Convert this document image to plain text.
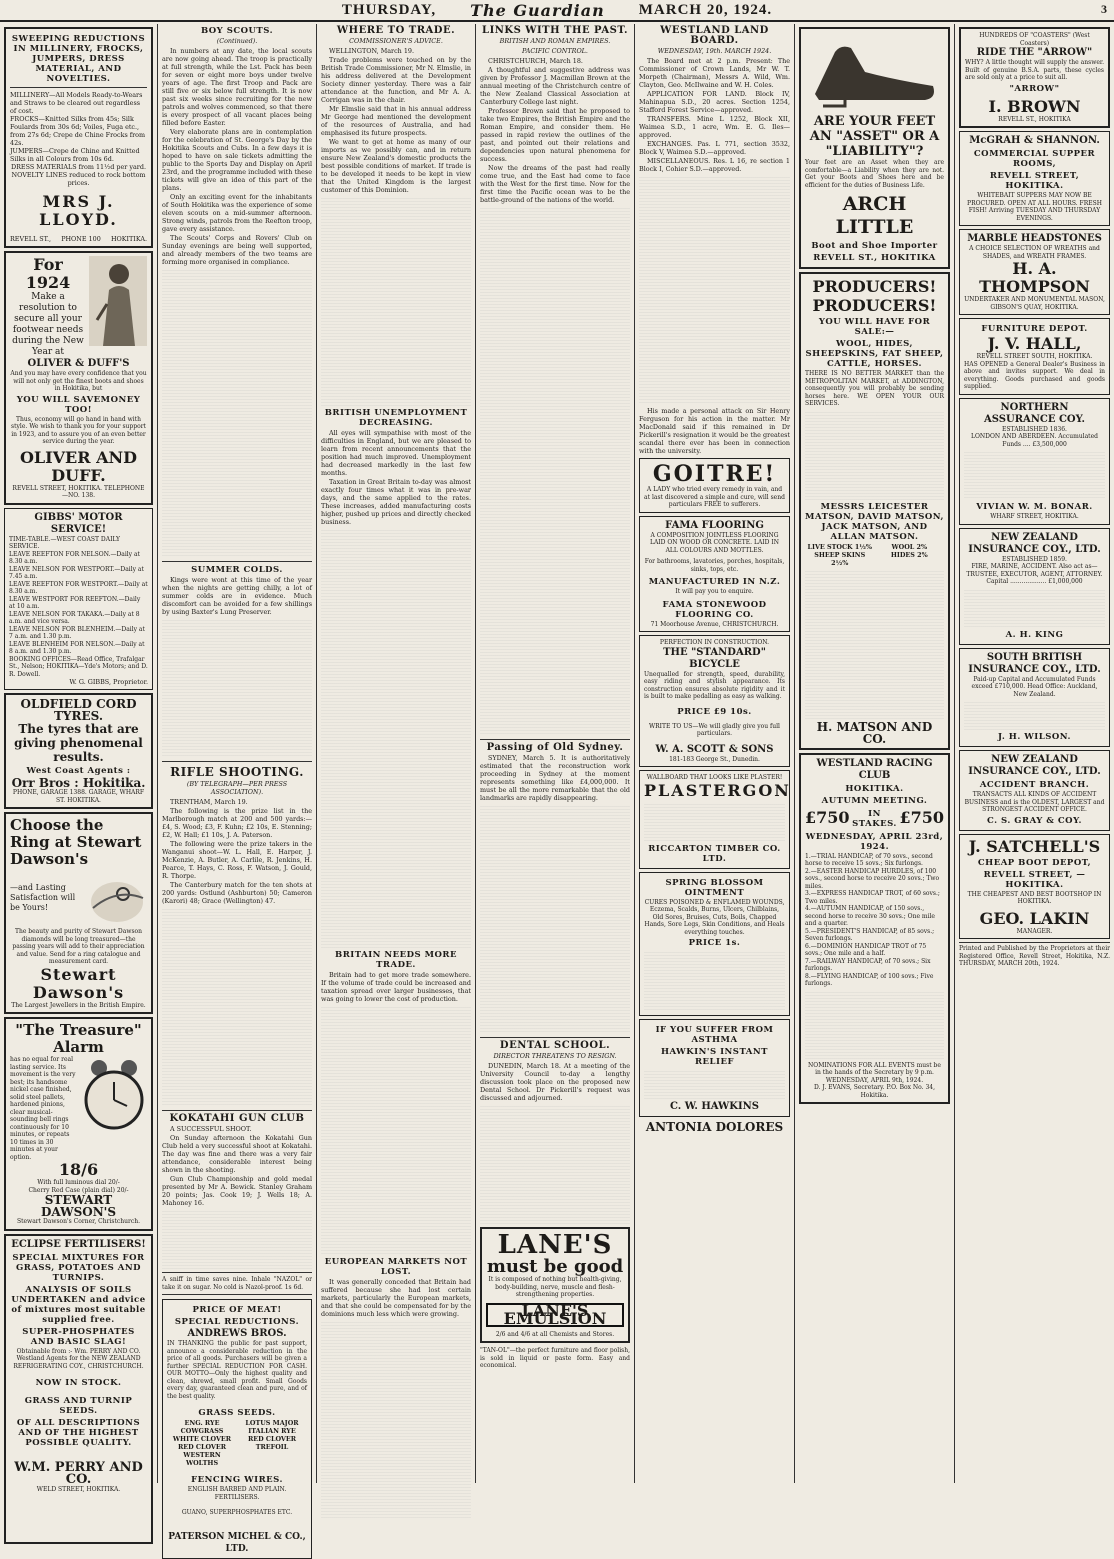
THURSDAY, The Guardian MARCH 20, 1924.	3
SWEEPING REDUCTIONS IN MILLINERY, FROCKS, JUMPERS, DRESS MATERIAL, AND NOVELTIES.
MILLINERY—All Models Ready-to-Wears and Straws to be cleared out regardless of cost.
FROCKS—Knitted Silks from 45s; Silk Foulards from 30s 6d; Voiles, Fuga etc., from 27s 6d; Crepe de Chine Frocks from 42s.
JUMPERS—Crepe de Chine and Knitted Silks in all Colours from 10s 6d.
DRESS MATERIALS from 11½d per yard.
NOVELTY LINES reduced to rock bottom prices.
MRS J. LLOYD.
REVELL ST., PHONE 100 HOKITIKA.
For 1924
Make a resolution to secure all your footwear needs during the New Year at
OLIVER & DUFF'S
And you may have every confidence that you will not only get the finest boots and shoes in Hokitika, but
YOU WILL SAVEMONEY TOO!
Thus, economy will go hand in hand with style. We wish to thank you for your support in 1923, and to assure you of an even better service during the year.
OLIVER AND DUFF.
REVELL STREET, HOKITIKA. TELEPHONE—NO. 138.
GIBBS' MOTOR SERVICE!
TIME-TABLE.—WEST COAST DAILY SERVICE.
LEAVE REEFTON FOR NELSON.—Daily at 8.30 a.m.
LEAVE NELSON FOR WESTPORT.—Daily at 7.45 a.m.
LEAVE REEFTON FOR WESTPORT.—Daily at 8.30 a.m.
LEAVE WESTPORT FOR REEFTON.—Daily at 10 a.m.
LEAVE NELSON FOR TAKAKA.—Daily at 8 a.m. and vice versa.
LEAVE NELSON FOR BLENHEIM.—Daily at 7 a.m. and 1.30 p.m.
LEAVE BLENHEIM FOR NELSON.—Daily at 8 a.m. and 1.30 p.m.
BOOKING OFFICES—Read Office, Trafalgar St., Nelson; HOKITIKA—Yde's Motors; and D. R. Dowell.
W. G. GIBBS, Proprietor.
OLDFIELD CORD TYRES.
The tyres that are giving phenomenal results.
West Coast Agents :
Orr Bros : Hokitika.
PHONE, GARAGE 1388. GARAGE, WHARF ST. HOKITIKA.
Choose the Ring at Stewart Dawson's
—and Lasting Satisfaction will be Yours!
The beauty and purity of Stewart Dawson diamonds will be long treasured—the passing years will add to their appreciation and value. Send for a ring catalogue and measurement card.
Stewart Dawson's
The Largest Jewellers in the British Empire.
"The Treasure" Alarm
has no equal for real lasting service. Its movement is the very best; its handsome nickel case finished, solid steel pallets, hardened pinions, clear musical-sounding bell rings continuously for 10 minutes, or repeats 10 times in 30 minutes at your option.
18/6
With full luminous dial 20/-
Cherry Red Case (plain dial) 20/-
STEWART DAWSON'S
Stewart Dawson's Corner, Christchurch.
ECLIPSE FERTILISERS!
SPECIAL MIXTURES FOR GRASS, POTATOES AND TURNIPS.
ANALYSIS OF SOILS UNDERTAKEN and advice of mixtures most suitable supplied free.
SUPER-PHOSPHATES AND BASIC SLAG!
Obtainable from :- Wm. PERRY AND CO. Westland Agents for the NEW ZEALAND REFRIGERATING COY., CHRISTCHURCH.
NOW IN STOCK.
GRASS AND TURNIP SEEDS.
OF ALL DESCRIPTIONS AND OF THE HIGHEST POSSIBLE QUALITY.
W.M. PERRY AND CO.
WELD STREET, HOKITIKA.
BOY SCOUTS.
(Continued).

In numbers at any date, the local scouts are now going ahead. The troop is practically at full strength, while the Lst. Pack has been for seven or eight more boys under twelve years of age. The first Troop and Pack are still five or six below full strength. It is now past six weeks since recruiting for the new patrols and wolves commenced, so that there is every prospect of all vacant places being filled before Easter.

Very elaborate plans are in contemplation for the celebration of St. George's Day by the Hokitika Scouts and Cubs. In a few days it is hoped to have on sale tickets admitting the public to the Sports Day and Display on April 23rd, and the programme included with these tickets will give an idea of this part of the plans.

Only an exciting event for the inhabitants of South Hokitika was the experience of some eleven scouts on a mid-summer afternoon. Strong winds, patrols from the Reefton troop, gave every assistance.

The Scouts' Corps and Rovers' Club on Sunday evenings are being well supported, and already members of the two teams are forming more organised in compliance.

SUMMER COLDS.

Kings were wont at this time of the year when the nights are getting chilly, a lot of summer colds are in evidence. Much discomfort can be avoided for a few shillings by using Baxter's Lung Preserver.

RIFLE SHOOTING.
(BY TELEGRAPH—PER PRESS ASSOCIATION).

TRENTHAM, March 19.

The following is the prize list in the Marlborough match at 200 and 500 yards:—£4, S. Wood; £3, F. Kuhn; £2 10s, E. Stenning; £2, W. Hall; £1 10s, J. A. Paterson.

The following were the prize takers in the Wanganui shoot—W. L. Hall, E. Harper, J. McKenzie, A. Butler, A. Carlile, R. Jenkins, H. Pearce, T. Hays, C. Ross, F. Watson, J. Gould, R. Thorpe.

The Canterbury match for the ten shots at 200 yards: Ostlund (Ashburton) 50; Cameron (Karori) 48; Grace (Wellington) 47.

KOKATAHI GUN CLUB

A SUCCESSFUL SHOOT.

On Sunday afternoon the Kokatahi Gun Club held a very successful shoot at Kokatahi. The day was fine and there was a very fair attendance, considerable interest being shown in the shooting.

Gun Club Championship and gold medal presented by Mr A. Bewick. Stanley Graham 20 points; Jas. Cook 19; J. Wells 18; A. Mahoney 16.

A sniff in time saves nine. Inhale "NAZOL" or take it on sugar. No cold is Nazol-proof. 1s 6d.
PRICE OF MEAT!
SPECIAL REDUCTIONS.
ANDREWS BROS.
IN THANKING the public for past support, announce a considerable reduction in the price of all goods. Purchasers will be given a further SPECIAL REDUCTION FOR CASH. OUR MOTTO—Only the highest quality and clean, shrewd, small profit. Small Goods every day, guaranteed clean and pure, and of the best quality.
GRASS SEEDS.
ENG. RYE	LOTUS MAJOR
COWGRASS	ITALIAN RYE
WHITE CLOVER	RED CLOVER
RED CLOVER	TREFOIL
WESTERN WOLTHS
FENCING WIRES.
ENGLISH BARBED AND PLAIN. FERTILISERS.
GUANO, SUPERPHOSPHATES ETC.
PATERSON MICHEL & CO., LTD.
WHERE TO TRADE.
COMMISSIONER'S ADVICE.

WELLINGTON, March 19.

Trade problems were touched on by the British Trade Commissioner, Mr N. Elmslie, in his address delivered at the Development Society dinner yesterday. There was a fair attendance at the function, and Mr A. A. Corrigan was in the chair.

Mr Elmslie said that in his annual address Mr George had mentioned the development of the resources of Australia, and had emphasised its future prospects.

We want to get at home as many of our imports as we possibly can, and in return ensure New Zealand's domestic products the best possible conditions of market. If trade is to be developed it needs to be kept in view that the United Kingdom is the largest customer of this Dominion.

BRITISH UNEMPLOYMENT DECREASING.

All eyes will sympathise with most of the difficulties in England, but we are pleased to learn from recent announcements that the position had much improved. Unemployment had decreased markedly in the last few months.

Taxation in Great Britain to-day was almost exactly four times what it was in pre-war days, and the same applied to the rates. These increases, added manufacturing costs higher, pushed up prices and directly checked business.

BRITAIN NEEDS MORE TRADE.

Britain had to get more trade somewhere. If the volume of trade could be increased and taxation spread over larger businesses, that was going to lower the cost of production.

EUROPEAN MARKETS NOT LOST.

It was generally conceded that Britain had suffered because she had lost certain markets, particularly the European markets, and that she could be compensated for by the dominions much less which were growing.

LINKS WITH THE PAST.
BRITISH AND ROMAN EMPIRES.
PACIFIC CONTROL.

CHRISTCHURCH, March 18.

A thoughtful and suggestive address was given by Professor J. Macmillan Brown at the annual meeting of the Christchurch centre of the New Zealand Classical Association at Canterbury College last night.

Professor Brown said that he proposed to take two Empires, the British Empire and the Roman Empire, and consider them. He passed in rapid review the outlines of the past, and pointed out their relations and dependencies upon natural phenomena for success.

Now the dreams of the past had really come true, and the East had come to face with the West for the first time. Now for the first time the Pacific ocean was to be the battle-ground of the nations of the world.

Passing of Old Sydney.

SYDNEY, March 5. It is authoritatively estimated that the reconstruction work proceeding in Sydney at the moment represents something like £4,000,000. It must be all the more remarkable that the old landmarks are rapidly disappearing.

DENTAL SCHOOL.
DIRECTOR THREATENS TO RESIGN.

DUNEDIN, March 18. At a meeting of the University Council to-day a lengthy discussion took place on the proposed new Dental School. Dr Pickerill's request was discussed and adjourned.

LANE'S
must be good
It is composed of nothing but health-giving, body-building, nerve, muscle and flesh-strengthening properties.
LANE'S EMULSION
2/6 and 4/6 at all Chemists and Stores.
"TAN-OL"—the perfect furniture and floor polish, is sold in liquid or paste form. Easy and economical.
WESTLAND LAND BOARD.
WEDNESDAY, 19th. MARCH 1924.

The Board met at 2 p.m. Present: The Commissioner of Crown Lands, Mr W. T. Morpeth (Chairman), Messrs A. Wild, Wm. Clayton, Geo. McIlwaine and W. H. Coles.

APPLICATION FOR LAND. Block IV, Mahinapua S.D., 20 acres. Section 1254, Stafford Forest Service—approved.

TRANSFERS. Mine L 1252, Block XII, Waimea S.D., 1 acre, Wm. E. G. Iles—approved.

EXCHANGES. Pas. L 771, section 3532, Block V, Waimea S.D.—approved.

MISCELLANEOUS. Res. L 16, re section 1 Block I, Cohier S.D.—approved.

His made a personal attack on Sir Henry Ferguson for his action in the matter. Mr MacDonald said if this remained in Dr Pickerill's resignation it would be the greatest scandal there ever has been in connection with the university.

GOITRE!
A LADY who tried every remedy in vain, and at last discovered a simple and cure, will send particulars FREE to sufferers.
FAMA FLOORING
A COMPOSITION JOINTLESS FLOORING LAID ON WOOD OR CONCRETE. LAID IN ALL COLOURS AND MOTTLES.
For bathrooms, lavatories, porches, hospitals, sinks, tops, etc.
MANUFACTURED IN N.Z.
It will pay you to enquire.
FAMA STONEWOOD FLOORING CO.
71 Moorhouse Avenue, CHRISTCHURCH.
PERFECTION IN CONSTRUCTION.
THE "STANDARD" BICYCLE
Unequalled for strength, speed, durability, easy riding and stylish appearance. Its construction ensures absolute rigidity and it is built to make pedalling as easy as walking.
PRICE £9 10s.
WRITE TO US—We will gladly give you full particulars.
W. A. SCOTT & SONS
181-183 George St., Dunedin.
WALLBOARD THAT LOOKS LIKE PLASTER!
PLASTERGON
RICCARTON TIMBER CO. LTD.
SPRING BLOSSOM OINTMENT
CURES POISONED & ENFLAMED WOUNDS, Eczema, Scalds, Burns, Ulcers, Chilblains, Old Sores, Bruises, Cuts, Boils, Chapped Hands, Sore Legs, Skin Conditions, and Heals everything touches.
PRICE 1s.
IF YOU SUFFER FROM ASTHMA
HAWKIN'S INSTANT RELIEF
C. W. HAWKINS
ANTONIA DOLORES
ARE YOUR FEET AN "ASSET" OR A "LIABILITY"?
Your feet are an Asset when they are comfortable—a Liability when they are not. Get your Boots and Shoes here and be efficient for the duties of Business Life.
ARCH LITTLE
Boot and Shoe Importer
REVELL ST., HOKITIKA
PRODUCERS! PRODUCERS!
YOU WILL HAVE FOR SALE:—
WOOL, HIDES, SHEEPSKINS, FAT SHEEP, CATTLE, HORSES.
THERE IS NO BETTER MARKET than the METROPOLITAN MARKET, at ADDINGTON, consequently you will probably be sending horses here. WE OPEN YOUR OUR SERVICES.
MESSRS LEICESTER MATSON, DAVID MATSON, JACK MATSON, AND ALLAN MATSON.
LIVE STOCK 1½%	WOOL 2%
SHEEP SKINS 2½%
HIDES 2%
H. MATSON AND CO.
WESTLAND RACING CLUB
HOKITIKA.
AUTUMN MEETING.
£750	IN STAKES. £750
WEDNESDAY, APRIL 23rd, 1924.
1.—TRIAL HANDICAP, of 70 sovs., second horse to receive 15 sovs.; Six furlongs.
2.—EASTER HANDICAP HURDLES, of 100 sovs., second horse to receive 20 sovs.; Two miles.
3.—EXPRESS HANDICAP TROT, of 60 sovs.; Two miles.
4.—AUTUMN HANDICAP, of 150 sovs., second horse to receive 30 sovs.; One mile and a quarter.
5.—PRESIDENT'S HANDICAP, of 85 sovs.; Seven furlongs.
6.—DOMINION HANDICAP TROT of 75 sovs.; One mile and a half.
7.—RAILWAY HANDICAP, of 70 sovs.; Six furlongs.
8.—FLYING HANDICAP, of 100 sovs.; Five furlongs.
NOMINATIONS FOR ALL EVENTS must be in the hands of the Secretary by 9 p.m. WEDNESDAY, APRIL 9th, 1924.
D. J. EVANS, Secretary. P.O. Box No. 34, Hokitika.
HUNDREDS OF "COASTERS" (West Coasters)
RIDE THE "ARROW"
WHY? A little thought will supply the answer. Built of genuine B.S.A. parts, these cycles are sold only at a price to suit all.
"ARROW"
I. BROWN
REVELL ST., HOKITIKA
McGRAH & SHANNON.
COMMERCIAL SUPPER ROOMS,
REVELL STREET, HOKITIKA.
WHITEBAIT SUPPERS MAY NOW BE PROCURED. OPEN AT ALL HOURS. FRESH FISH! Arriving TUESDAY AND THURSDAY EVENINGS.
MARBLE HEADSTONES
A CHOICE SELECTION OF WREATHS and SHADES, and WREATH FRAMES.
H. A. THOMPSON
UNDERTAKER AND MONUMENTAL MASON, GIBSON'S QUAY, HOKITIKA.
FURNITURE DEPOT.
J. V. HALL,
REVELL STREET SOUTH, HOKITIKA.
HAS OPENED a General Dealer's Business in above and invites support. We deal in everything. Goods purchased and goods supplied.
NORTHERN ASSURANCE COY.
ESTABLISHED 1836.
LONDON AND ABERDEEN. Accumulated Funds .... £3,500,000
VIVIAN W. M. BONAR.
WHARF STREET, HOKITIKA.
NEW ZEALAND INSURANCE COY., LTD.
ESTABLISHED 1859.
FIRE, MARINE, ACCIDENT. Also act as— TRUSTEE, EXECUTOR, AGENT, ATTORNEY.
Capital ................... £1,000,000
A. H. KING
SOUTH BRITISH INSURANCE COY., LTD.
Paid-up Capital and Accumulated Funds exceed £710,000. Head Office: Auckland, New Zealand.
J. H. WILSON.
NEW ZEALAND INSURANCE COY., LTD.
ACCIDENT BRANCH.
TRANSACTS ALL KINDS OF ACCIDENT BUSINESS and is the OLDEST, LARGEST and STRONGEST ACCIDENT OFFICE.
C. S. GRAY & COY.
J. SATCHELL'S
CHEAP BOOT DEPOT,
REVELL STREET, — HOKITIKA.
THE CHEAPEST AND BEST BOOTSHOP IN HOKITIKA.
GEO. LAKIN
MANAGER.
Printed and Published by the Proprietors at their Registered Office, Revell Street, Hokitika, N.Z. THURSDAY, MARCH 20th, 1924.
